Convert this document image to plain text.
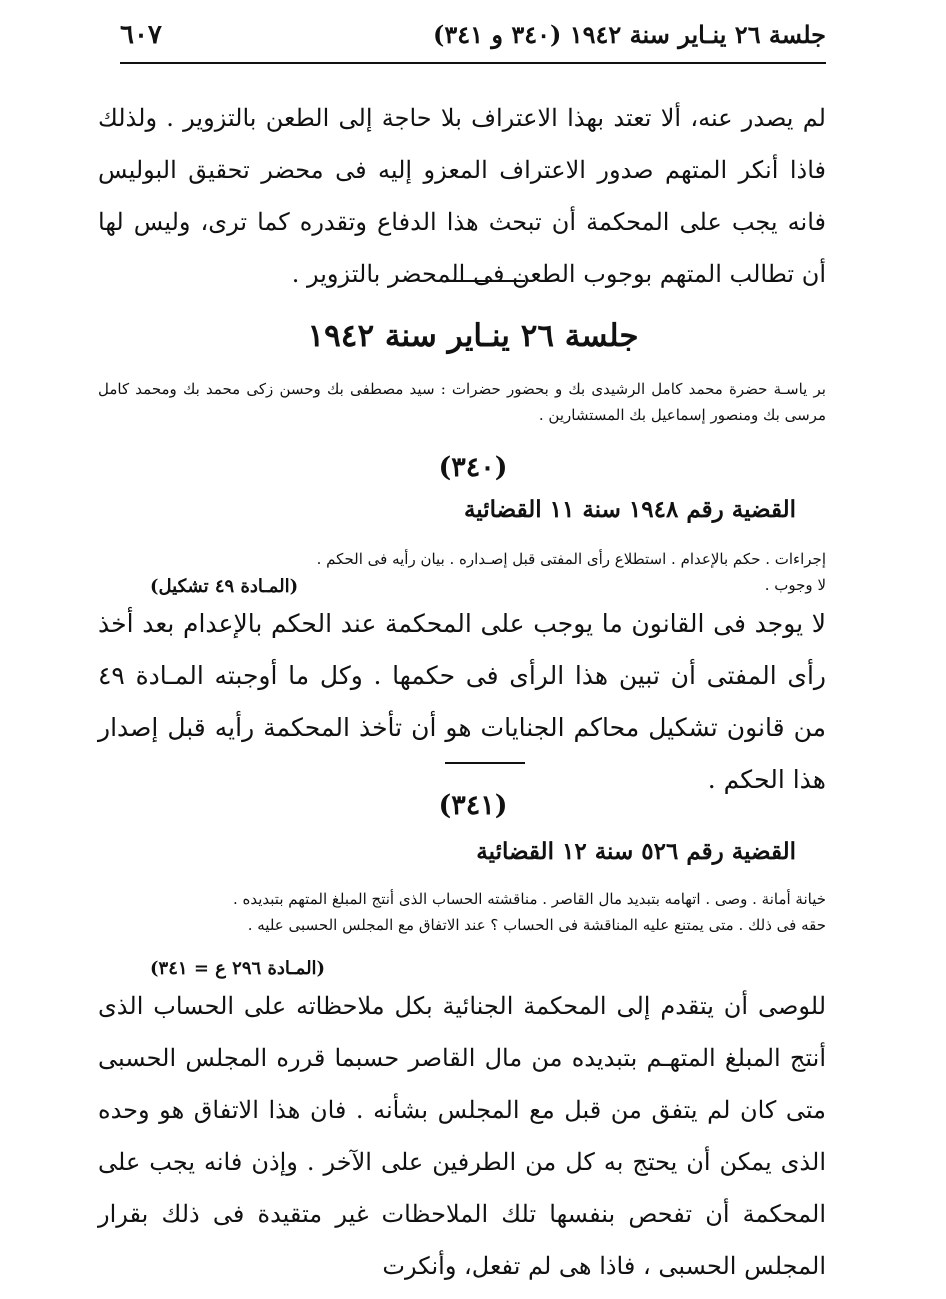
جلسة ٢٦ ينـاير سنة ١٩٤٢ (٣٤٠ و ٣٤١)
٦٠٧
لم يصدر عنه، ألا تعتد بهذا الاعتراف بلا حاجة إلى الطعن بالتزوير . ولذلك فاذا أنكر المتهم صدور الاعتراف المعزو إليه فى محضر تحقيق البوليس فانه يجب على المحكمة أن تبحث هذا الدفاع وتقدره كما ترى، وليس لها أن تطالب المتهم بوجوب الطعن فى المحضر بالتزوير .
جلسة ٢٦ ينـاير سنة ١٩٤٢
بر ياسـة حضرة محمد كامل الرشيدى بك و بحضور حضرات : سيد مصطفى بك وحسن زكى محمد بك ومحمد كامل مرسى بك ومنصور إسماعيل بك المستشارين .
(٣٤٠)
القضية رقم ١٩٤٨ سنة ١١ القضائية
إجراءات . حكم بالإعدام . استطلاع رأى المفتى قبل إصـداره . بيان رأيه فى الحكم .
لا وجوب .
(المـادة ٤٩ تشكيل)
لا يوجد فى القانون ما يوجب على المحكمة عند الحكم بالإعدام بعد أخذ رأى المفتى أن تبين هذا الرأى فى حكمها . وكل ما أوجبته المـادة ٤٩ من قانون تشكيل محاكم الجنايات هو أن تأخذ المحكمة رأيه قبل إصدار هذا الحكم .
(٣٤١)
القضية رقم ٥٢٦ سنة ١٢ القضائية
خيانة أمانة . وصى . اتهامه بتبديد مال القاصر . مناقشته الحساب الذى أنتج المبلغ المتهم بتبديده .
حقه فى ذلك . متى يمتنع عليه المناقشة فى الحساب ؟ عند الاتفاق مع المجلس الحسبى عليه .
(المـادة ٢٩٦ ع = ٣٤١)
للوصى أن يتقدم إلى المحكمة الجنائية بكل ملاحظاته على الحساب الذى أنتج المبلغ المتهـم بتبديده من مال القاصر حسبما قرره المجلس الحسبى متى كان لم يتفق من قبل مع المجلس بشأنه . فان هذا الاتفاق هو وحده الذى يمكن أن يحتج به كل من الطرفين على الآخر . وإذن فانه يجب على المحكمة أن تفحص بنفسها تلك الملاحظات غير متقيدة فى ذلك بقرار المجلس الحسبى ، فاذا هى لم تفعل، وأنكرت
